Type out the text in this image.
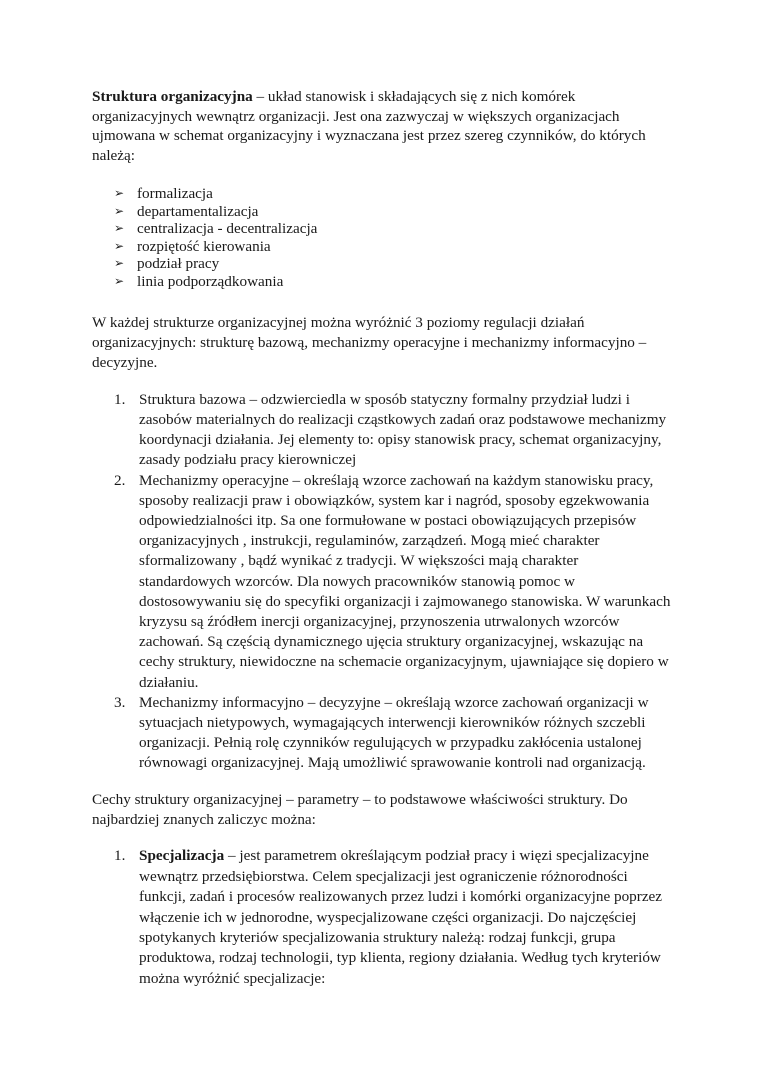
Struktura organizacyjna – układ stanowisk i składających się z nich komórek organizacyjnych wewnątrz organizacji. Jest ona zazwyczaj w większych organizacjach ujmowana w schemat organizacyjny i wyznaczana jest przez szereg czynników, do których należą:

➢ formalizacja
➢ departamentalizacja
➢ centralizacja - decentralizacja
➢ rozpiętość kierowania
➢ podział pracy
➢ linia podporządkowania

W każdej strukturze organizacyjnej można wyróżnić 3 poziomy regulacji działań organizacyjnych: strukturę bazową, mechanizmy operacyjne i mechanizmy informacyjno – decyzyjne.

1. Struktura bazowa – odzwierciedla w sposób statyczny formalny przydział ludzi i zasobów materialnych do realizacji cząstkowych zadań oraz podstawowe mechanizmy koordynacji działania. Jej elementy to: opisy stanowisk pracy, schemat organizacyjny, zasady podziału pracy kierowniczej
2. Mechanizmy operacyjne – określają wzorce zachowań na każdym stanowisku pracy, sposoby realizacji praw i obowiązków, system kar i nagród, sposoby egzekwowania odpowiedzialności itp. Sa one formułowane w postaci obowiązujących przepisów organizacyjnych , instrukcji, regulaminów, zarządzeń. Mogą mieć charakter sformalizowany , bądź wynikać z tradycji. W większości mają charakter standardowych wzorców. Dla nowych pracowników stanowią pomoc w dostosowywaniu się do specyfiki organizacji i zajmowanego stanowiska. W warunkach kryzysu są źródłem inercji organizacyjnej, przynoszenia utrwalonych wzorców zachowań. Są częścią dynamicznego ujęcia struktury organizacyjnej, wskazując na cechy struktury, niewidoczne na schemacie organizacyjnym, ujawniające się dopiero w działaniu.
3. Mechanizmy informacyjno – decyzyjne – określają wzorce zachowań organizacji w sytuacjach nietypowych, wymagających interwencji kierowników różnych szczebli organizacji. Pełnią rolę czynników regulujących w przypadku zakłócenia ustalonej równowagi organizacyjnej. Mają umożliwić sprawowanie kontroli nad organizacją.

Cechy struktury organizacyjnej – parametry – to podstawowe właściwości struktury. Do najbardziej znanych zaliczyc można:

1. Specjalizacja – jest parametrem określającym podział pracy i więzi specjalizacyjne wewnątrz przedsiębiorstwa. Celem specjalizacji jest ograniczenie różnorodności funkcji, zadań i procesów realizowanych przez ludzi i komórki organizacyjne poprzez włączenie ich w jednorodne, wyspecjalizowane części organizacji. Do najczęściej spotykanych kryteriów specjalizowania struktury należą: rodzaj funkcji, grupa produktowa, rodzaj technologii, typ klienta, regiony działania. Według tych kryteriów można wyróżnić specjalizacje:
